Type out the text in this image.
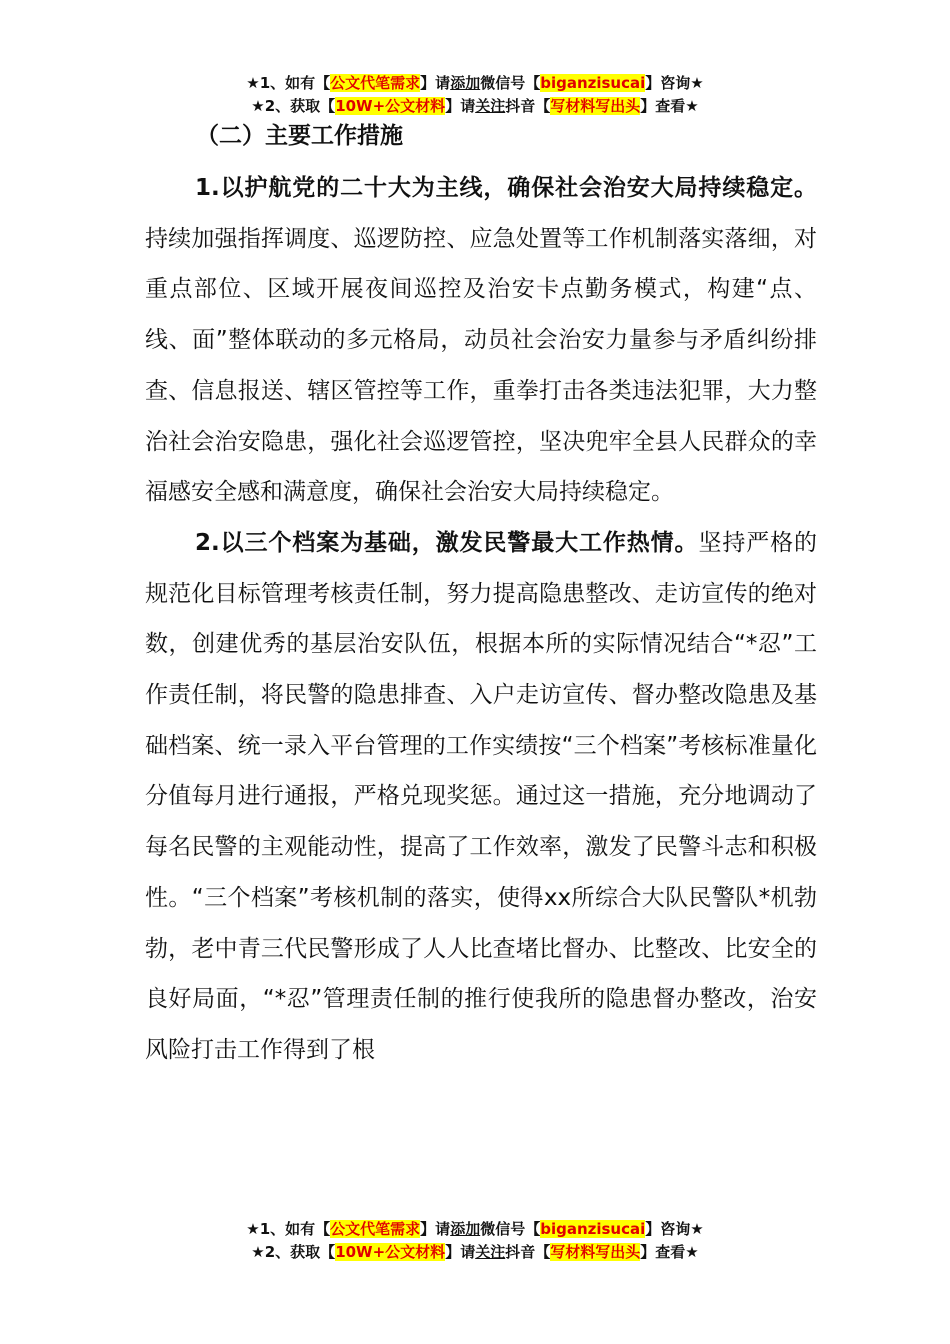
★1、如有【公文代笔需求】请添加微信号【biganzisucai】咨询★
★2、获取【10W+公文材料】请关注抖音【写材料写出头】查看★
（二）主要工作措施

1.以护航党的二十大为主线，确保社会治安大局持续稳定。持续加强指挥调度、巡逻防控、应急处置等工作机制落实落细，对重点部位、区域开展夜间巡控及治安卡点勤务模式，构建“点、线、面”整体联动的多元格局，动员社会治安力量参与矛盾纠纷排查、信息报送、辖区管控等工作，重拳打击各类违法犯罪，大力整治社会治安隐患，强化社会巡逻管控，坚决兜牢全县人民群众的幸福感安全感和满意度，确保社会治安大局持续稳定。

2.以三个档案为基础，激发民警最大工作热情。坚持严格的规范化目标管理考核责任制，努力提高隐患整改、走访宣传的绝对数，创建优秀的基层治安队伍，根据本所的实际情况结合“*忍”工作责任制，将民警的隐患排查、入户走访宣传、督办整改隐患及基础档案、统一录入平台管理的工作实绩按“三个档案”考核标准量化分值每月进行通报，严格兑现奖惩。通过这一措施，充分地调动了每名民警的主观能动性，提高了工作效率，激发了民警斗志和积极性。“三个档案”考核机制的落实，使得xx所综合大队民警队*机勃勃，老中青三代民警形成了人人比查堵比督办、比整改、比安全的良好局面，“*忍”管理责任制的推行使我所的隐患督办整改，治安风险打击工作得到了根

★1、如有【公文代笔需求】请添加微信号【biganzisucai】咨询★
★2、获取【10W+公文材料】请关注抖音【写材料写出头】查看★
